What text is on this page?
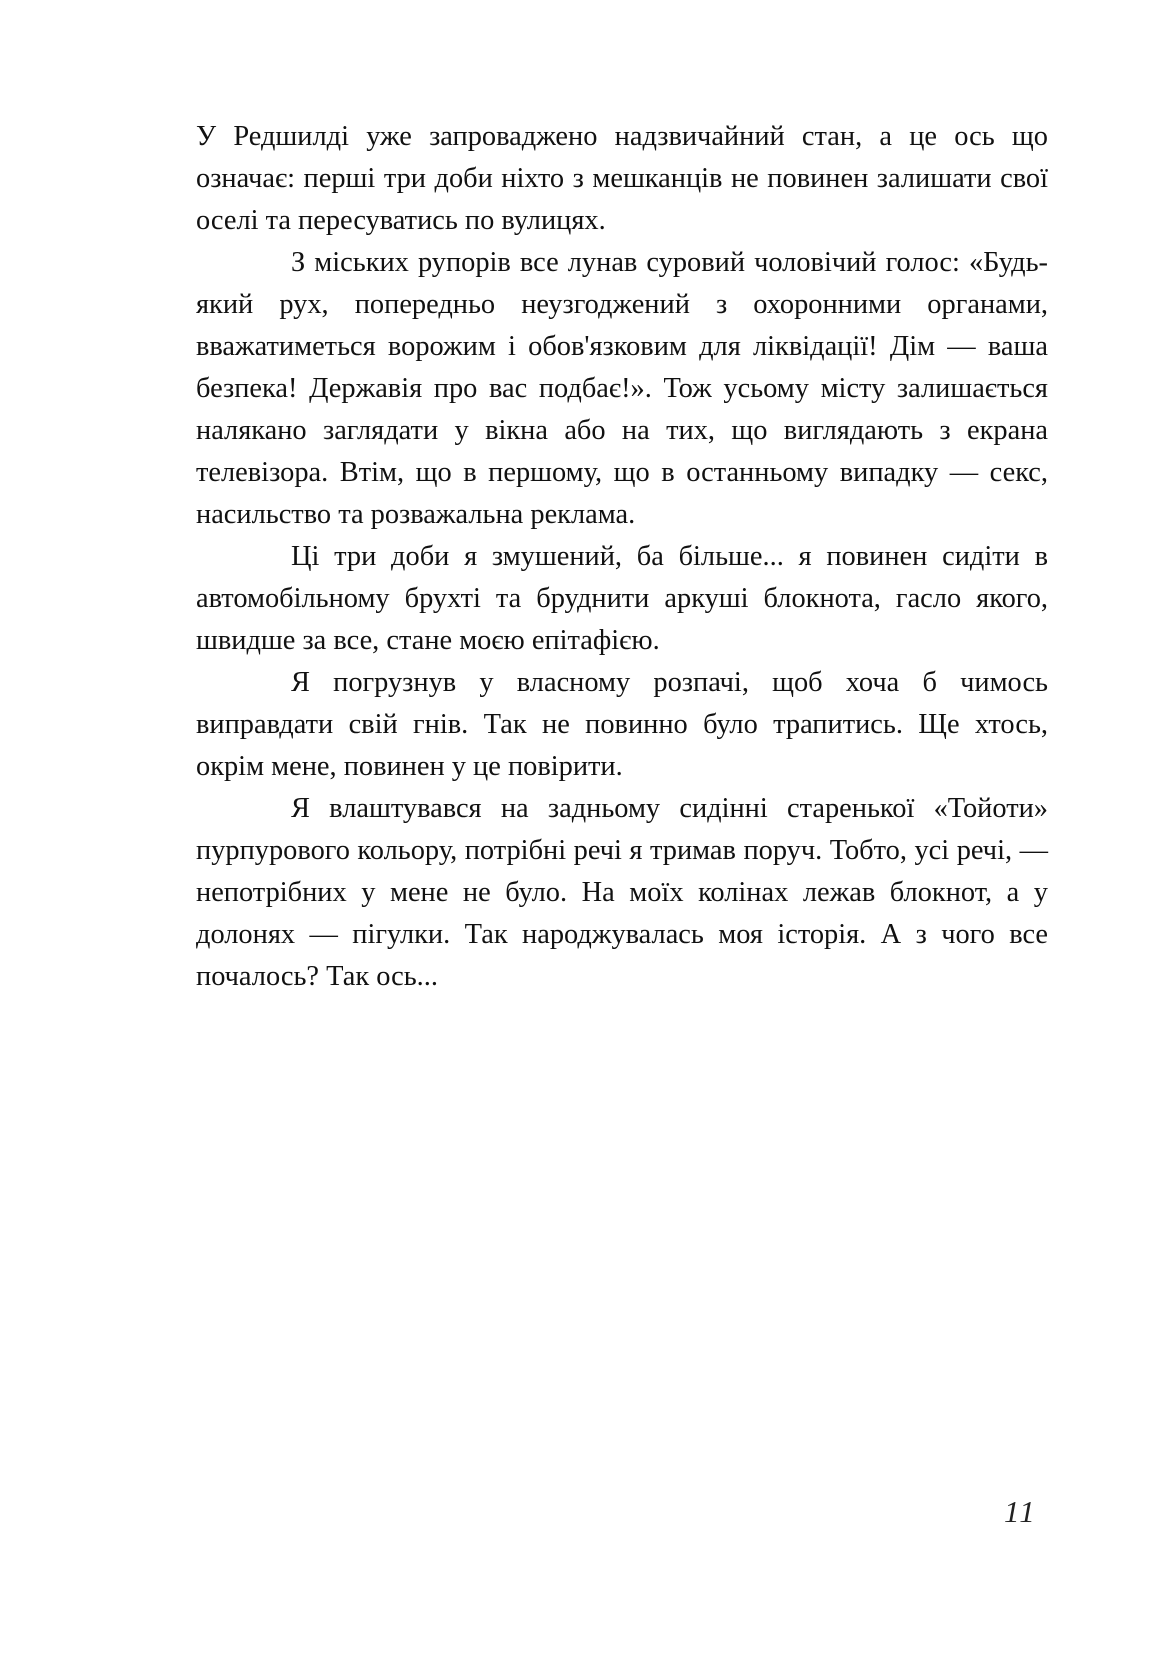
У Редшилді уже запроваджено надзвичайний стан, а це ось що означає: перші три доби ніхто з мешканців не повинен залишати свої оселі та пересуватись по вулицях.

З міських рупорів все лунав суровий чоловічий голос: «Будь-який рух, попередньо неузгоджений з охоронними органами, вважатиметься ворожим і обов'язковим для ліквідації! Дім — ваша безпека! Державія про вас подбає!». Тож усьому місту залишається налякано заглядати у вікна або на тих, що виглядають з екрана телевізора. Втім, що в першому, що в останньому випадку — секс, насильство та розважальна реклама.

Ці три доби я змушений, ба більше... я повинен сидіти в автомобільному брухті та бруднити аркуші блокнота, гасло якого, швидше за все, стане моєю епітафією.

Я погрузнув у власному розпачі, щоб хоча б чимось виправдати свій гнів. Так не повинно було трапитись. Ще хтось, окрім мене, повинен у це повірити.

Я влаштувався на задньому сидінні старенької «Тойоти» пурпурового кольору, потрібні речі я тримав поруч. Тобто, усі речі, — непотрібних у мене не було. На моїх колінах лежав блокнот, а у долонях — пігулки. Так народжувалась моя історія. А з чого все почалось? Так ось...

11
